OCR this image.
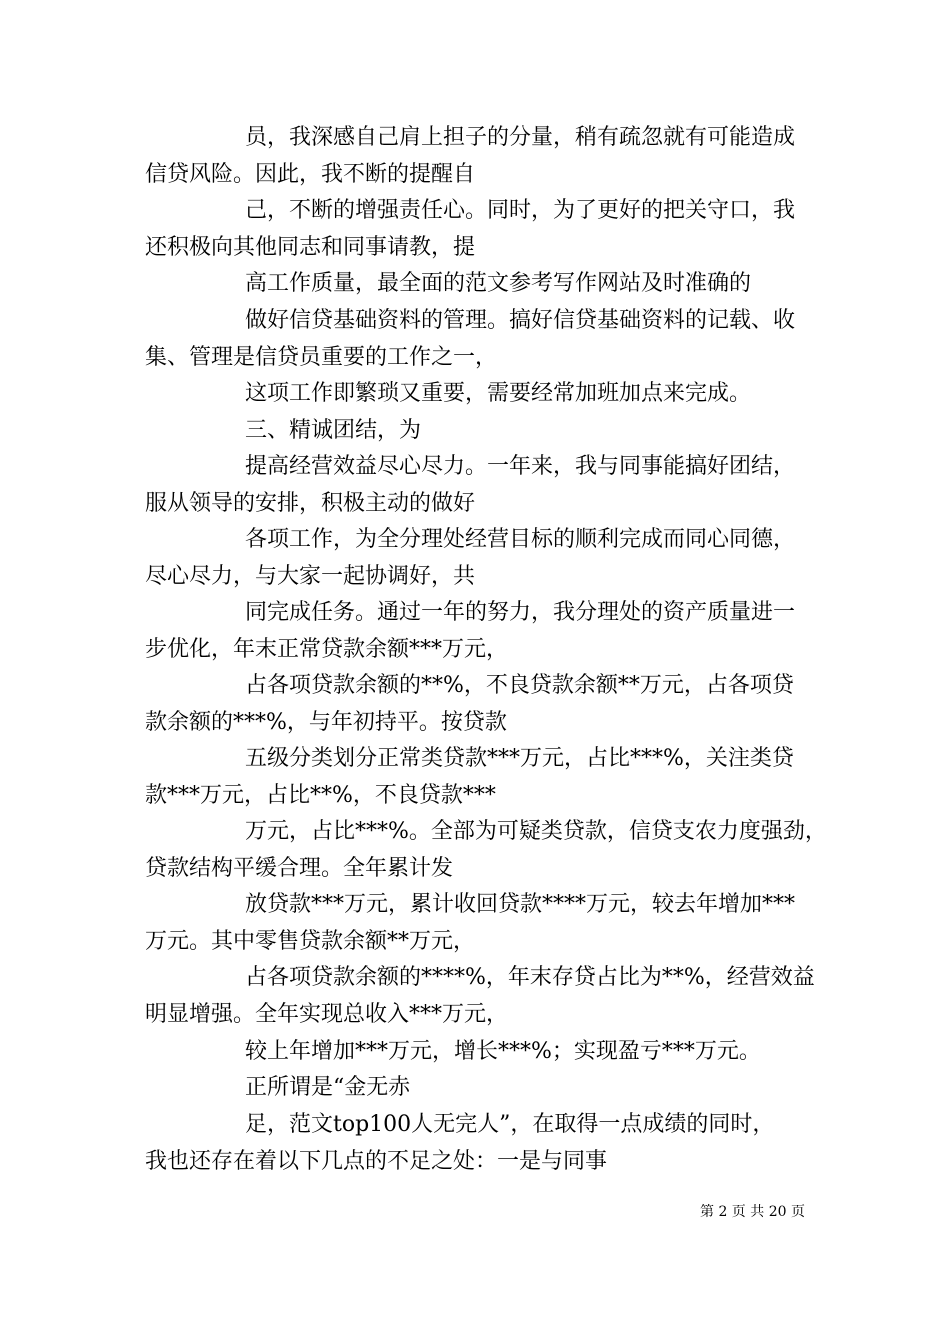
员，我深感自己肩上担子的分量，稍有疏忽就有可能造成
信贷风险。因此，我不断的提醒自
己，不断的增强责任心。同时，为了更好的把关守口，我
还积极向其他同志和同事请教，提
高工作质量，最全面的范文参考写作网站及时准确的
做好信贷基础资料的管理。搞好信贷基础资料的记载、收
集、管理是信贷员重要的工作之一，
这项工作即繁琐又重要，需要经常加班加点来完成。
三、精诚团结，为
提高经营效益尽心尽力。一年来，我与同事能搞好团结，
服从领导的安排，积极主动的做好
各项工作，为全分理处经营目标的顺利完成而同心同德，
尽心尽力，与大家一起协调好，共
同完成任务。通过一年的努力，我分理处的资产质量进一
步优化，年末正常贷款余额***万元，
占各项贷款余额的**%，不良贷款余额**万元，占各项贷
款余额的***%，与年初持平。按贷款
五级分类划分正常类贷款***万元，占比***%，关注类贷
款***万元，占比**%，不良贷款***
万元，占比***%。全部为可疑类贷款，信贷支农力度强劲，
贷款结构平缓合理。全年累计发
放贷款***万元，累计收回贷款****万元，较去年增加***
万元。其中零售贷款余额**万元，
占各项贷款余额的****%，年末存贷占比为**%，经营效益
明显增强。全年实现总收入***万元，
较上年增加***万元，增长***%；实现盈亏***万元。
正所谓是“金无赤
足，范文top100人无完人”，在取得一点成绩的同时，
我也还存在着以下几点的不足之处：一是与同事
第 2 页 共 20 页
